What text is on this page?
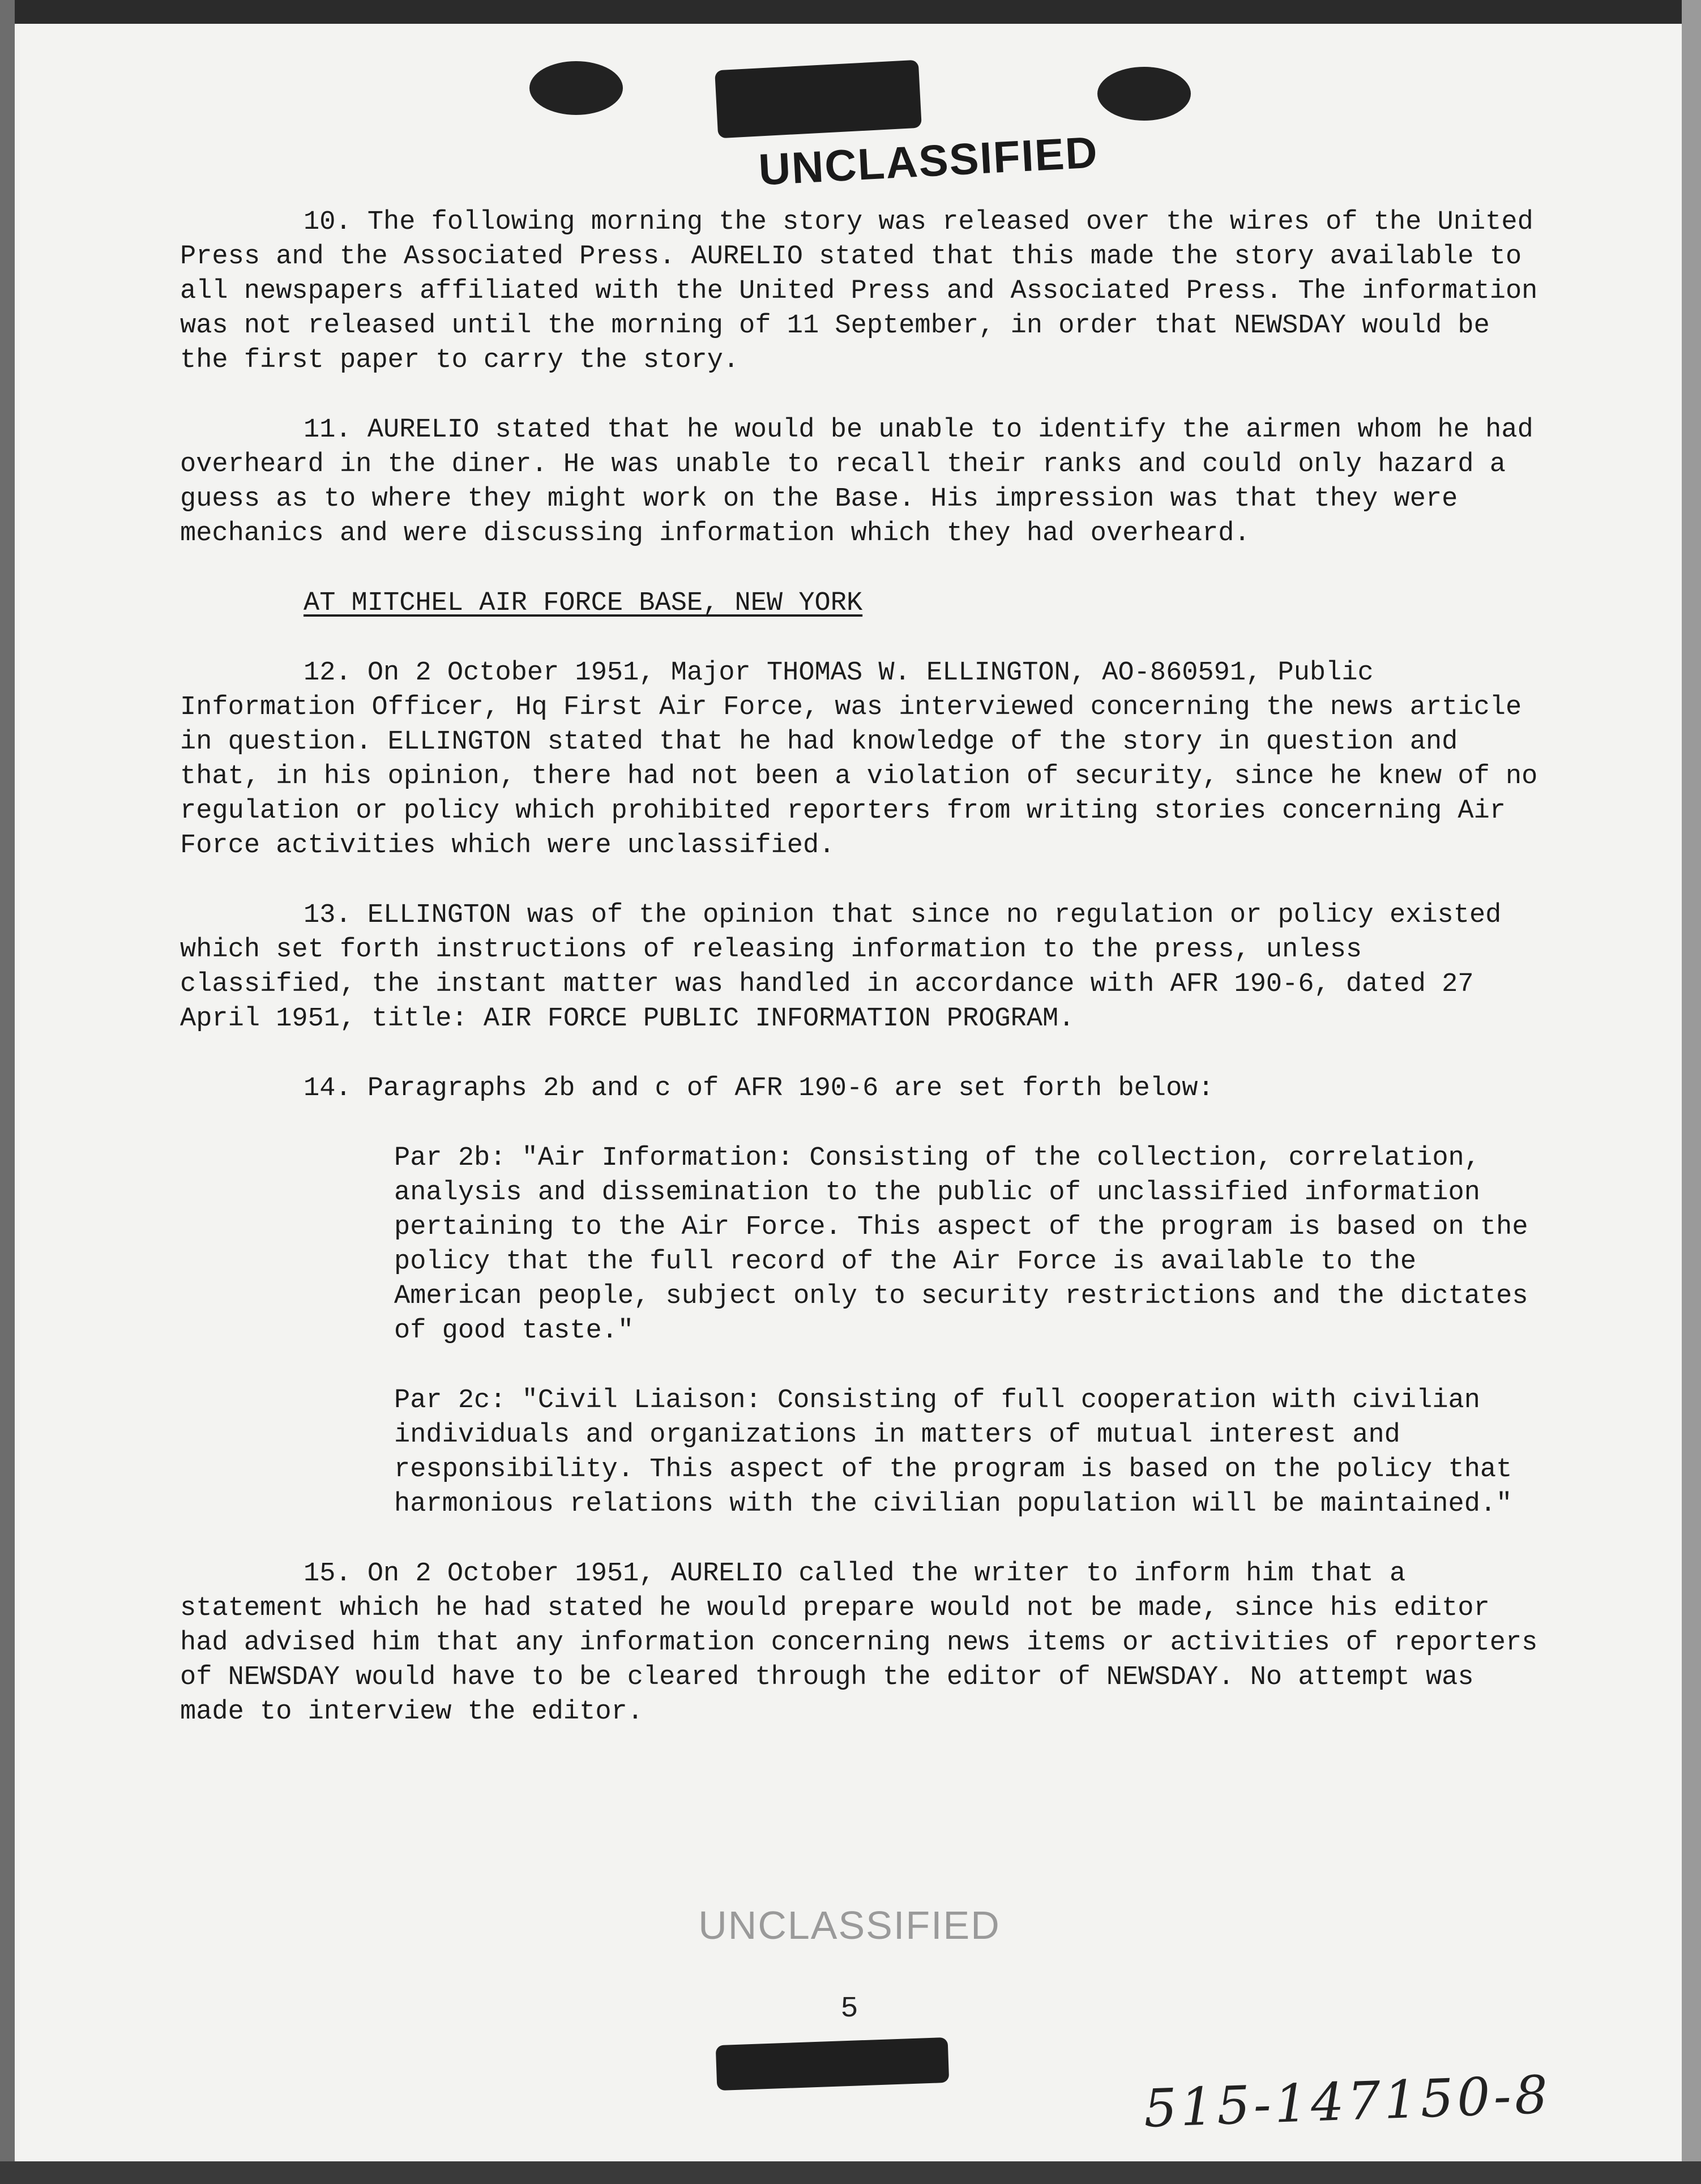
UNCLASSIFIED

10. The following morning the story was released over the wires of the United Press and the Associated Press. AURELIO stated that this made the story available to all newspapers affiliated with the United Press and Associated Press. The information was not released until the morning of 11 September, in order that NEWSDAY would be the first paper to carry the story.

11. AURELIO stated that he would be unable to identify the airmen whom he had overheard in the diner. He was unable to recall their ranks and could only hazard a guess as to where they might work on the Base. His impression was that they were mechanics and were discussing information which they had overheard.

AT MITCHEL AIR FORCE BASE, NEW YORK

12. On 2 October 1951, Major THOMAS W. ELLINGTON, AO-860591, Public Information Officer, Hq First Air Force, was interviewed concerning the news article in question. ELLINGTON stated that he had knowledge of the story in question and that, in his opinion, there had not been a violation of security, since he knew of no regulation or policy which prohibited reporters from writing stories concerning Air Force activities which were unclassified.

13. ELLINGTON was of the opinion that since no regulation or policy existed which set forth instructions of releasing information to the press, unless classified, the instant matter was handled in accordance with AFR 190-6, dated 27 April 1951, title: AIR FORCE PUBLIC INFORMATION PROGRAM.

14. Paragraphs 2b and c of AFR 190-6 are set forth below:

Par 2b: "Air Information: Consisting of the collection, correlation, analysis and dissemination to the public of unclassified information pertaining to the Air Force. This aspect of the program is based on the policy that the full record of the Air Force is available to the American people, subject only to security restrictions and the dictates of good taste."

Par 2c: "Civil Liaison: Consisting of full cooperation with civilian individuals and organizations in matters of mutual interest and responsibility. This aspect of the program is based on the policy that harmonious relations with the civilian population will be maintained."

15. On 2 October 1951, AURELIO called the writer to inform him that a statement which he had stated he would prepare would not be made, since his editor had advised him that any information concerning news items or activities of reporters of NEWSDAY would have to be cleared through the editor of NEWSDAY. No attempt was made to interview the editor.

UNCLASSIFIED
5
515-147150-8
